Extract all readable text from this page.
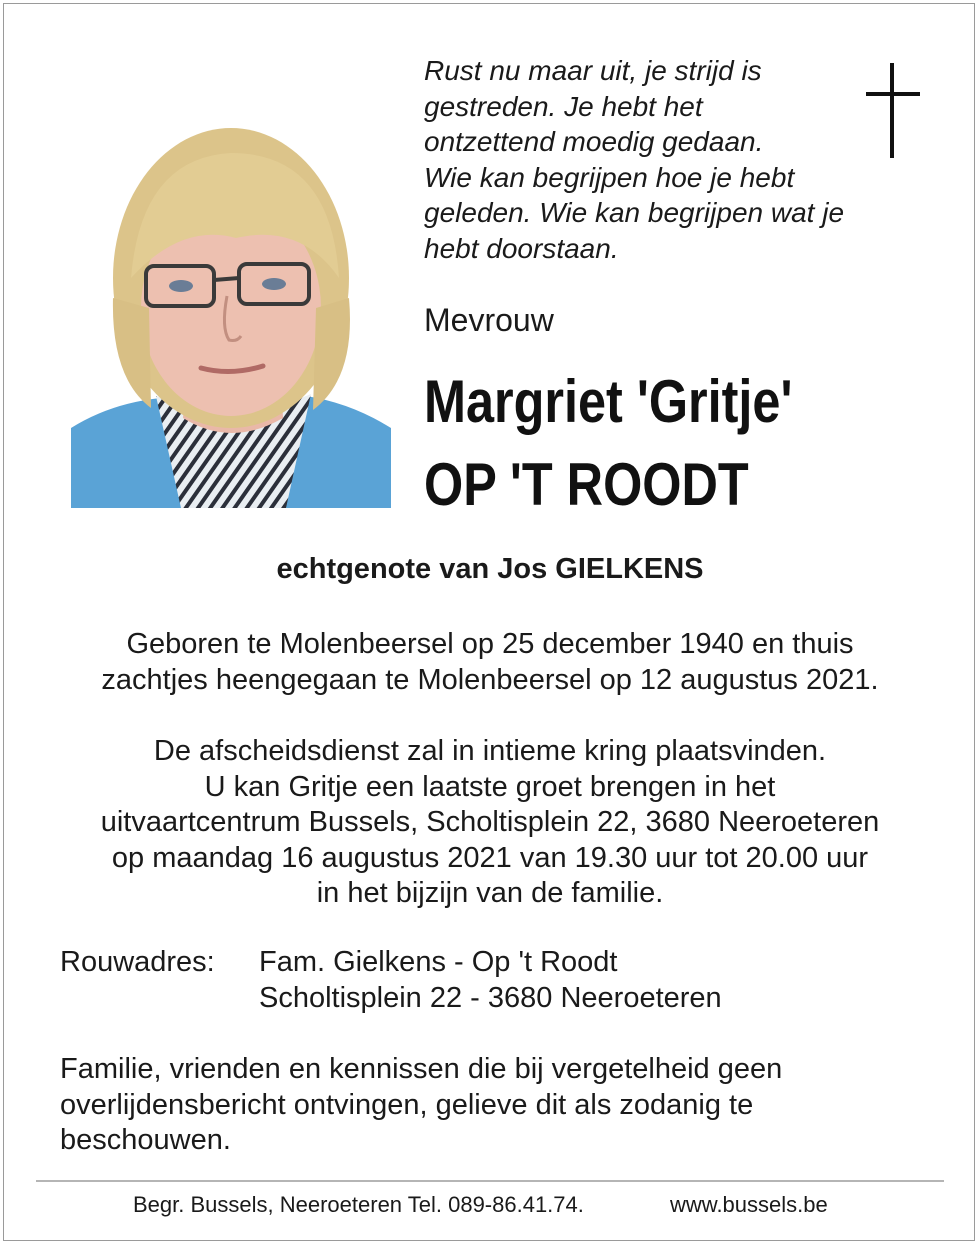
Rust nu maar uit, je strijd is
gestreden. Je hebt het
ontzettend moedig gedaan.
Wie kan begrijpen hoe je hebt
geleden. Wie kan begrijpen wat je
hebt doorstaan.
Mevrouw
Margriet 'Gritje'
OP 'T ROODT
echtgenote van Jos GIELKENS
Geboren te Molenbeersel op 25 december 1940 en thuis
zachtjes heengegaan te Molenbeersel op 12 augustus 2021.
De afscheidsdienst zal in intieme kring plaatsvinden.
U kan Gritje een laatste groet brengen in het
uitvaartcentrum Bussels, Scholtisplein 22, 3680 Neeroeteren
op maandag 16 augustus 2021 van 19.30 uur tot 20.00 uur
in het bijzijn van de familie.
Rouwadres: Fam. Gielkens - Op 't Roodt
Scholtisplein 22 - 3680 Neeroeteren
Familie, vrienden en kennissen die bij vergetelheid geen
overlijdensbericht ontvingen, gelieve dit als zodanig te
beschouwen.
Begr. Bussels, Neeroeteren Tel. 089-86.41.74.	www.bussels.be
